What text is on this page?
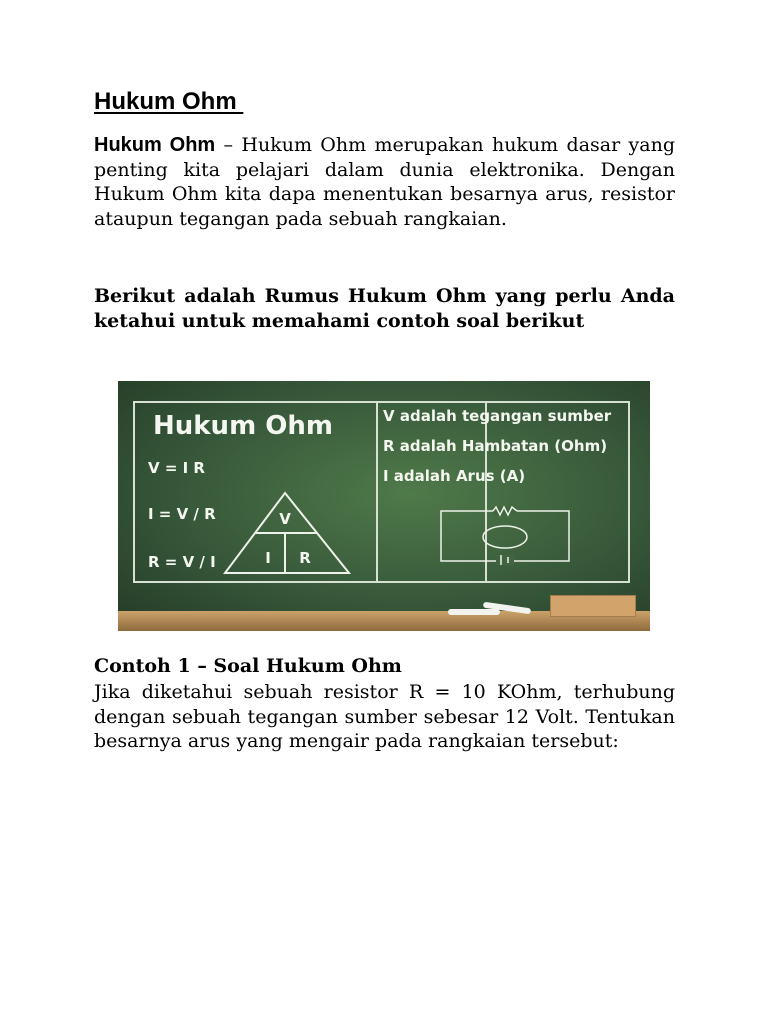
Hukum Ohm

Hukum Ohm – Hukum Ohm merupakan hukum dasar yang penting kita pelajari dalam dunia elektronika. Dengan Hukum Ohm kita dapa menentukan besarnya arus, resistor ataupun tegangan pada sebuah rangkaian.

Berikut adalah Rumus Hukum Ohm yang perlu Anda ketahui untuk memahami contoh soal berikut

Contoh 1 – Soal Hukum Ohm

Jika diketahui sebuah resistor R = 10 KOhm, terhubung dengan sebuah tegangan sumber sebesar 12 Volt. Tentukan besarnya arus yang mengair pada rangkaian tersebut:

Hukum Ohm
V = I R
I = V / R
R = V / I
V
I R
V adalah tegangan sumber
R adalah Hambatan (Ohm)
I adalah Arus (A)
